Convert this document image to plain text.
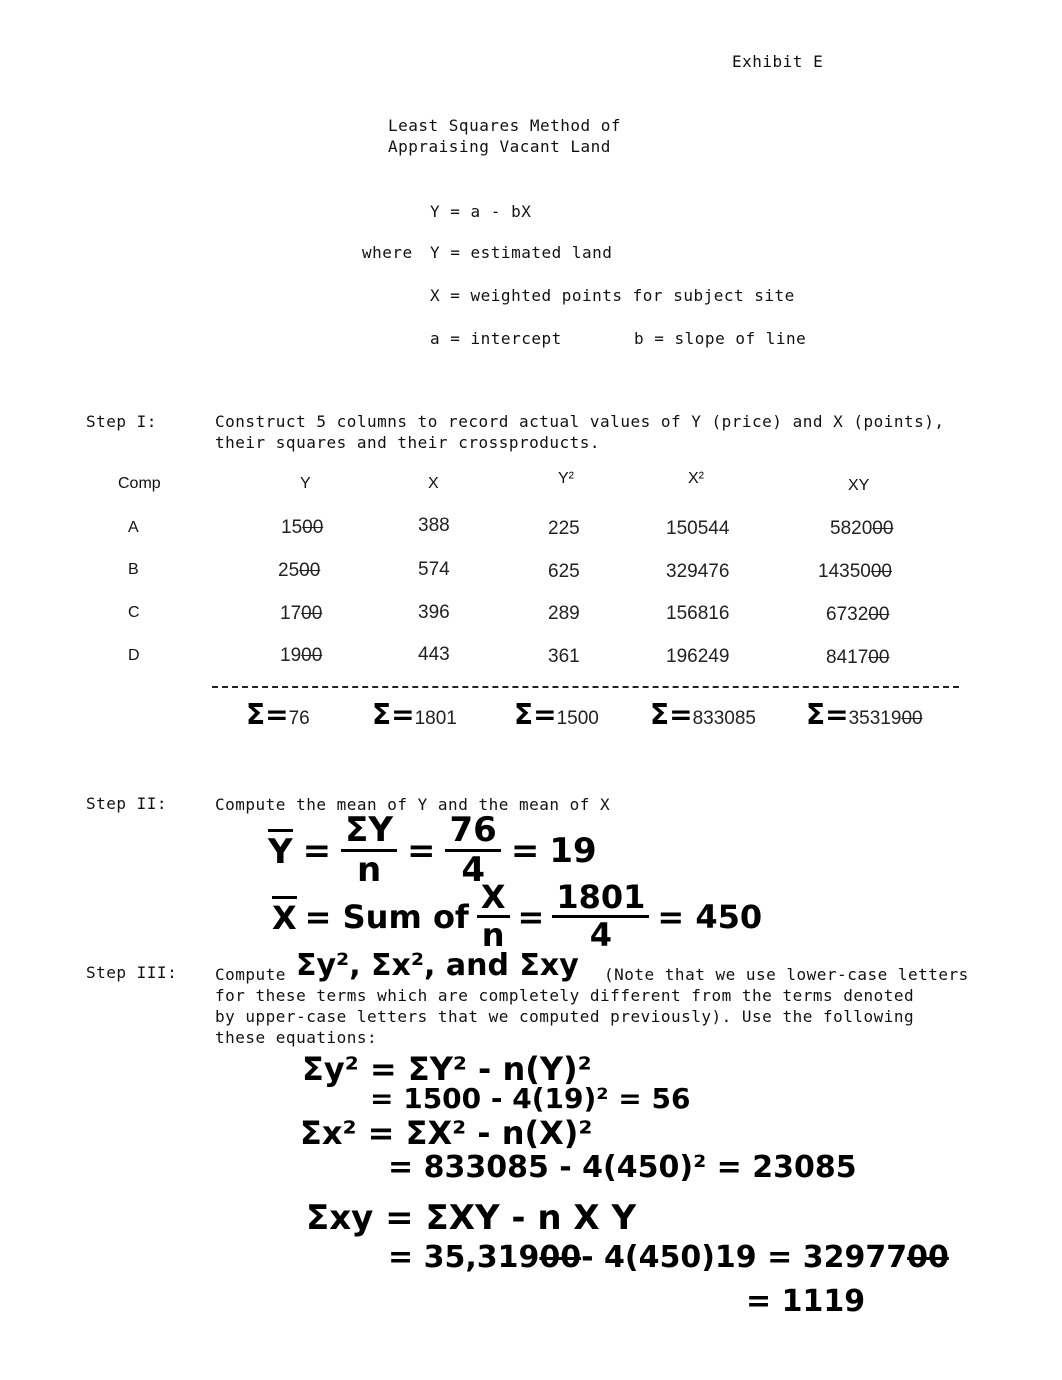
Exhibit E
Least Squares Method of
Appraising Vacant Land
Y = a - bX
where Y = estimated land
X = weighted points for subject site
a = intercept	b = slope of line
Step I:	Construct 5 columns to record actual values of Y (price) and X (points),
their squares and their crossproducts.
Comp	Y	X	Y²	X²	XY
A	1500	388	225	150544	582000
B	2500	574	625	329476	1435000
C	1700	396	289	156816	673200
D	1900	443	361	196249	841700
Σ=76 Σ=1801 Σ=1500 Σ=833085 Σ=3531900
Step II:	Compute the mean of Y and the mean of X
$Y = \frac{\Sigma Y}{n} = \frac{76}{4} = 19$
X = Sum of $\frac{X}{n} = \frac{1801}{4} = 450$
Step III: Compute Σy², Σx², and Σxy (Note that we use lower-case letters
for these terms which are completely different from the terms denoted
by upper-case letters that we computed previously). Use the following
these equations:
Σy² = ΣY² - n(Y)²
= 1500 - 4(19)² = 56
Σx² = ΣX² - n(X)²
= 833085 - 4(450)² = 23085
Σxy = ΣXY - n X Y
= 35,31900- 4(450)19 = 3297700
= 1119
